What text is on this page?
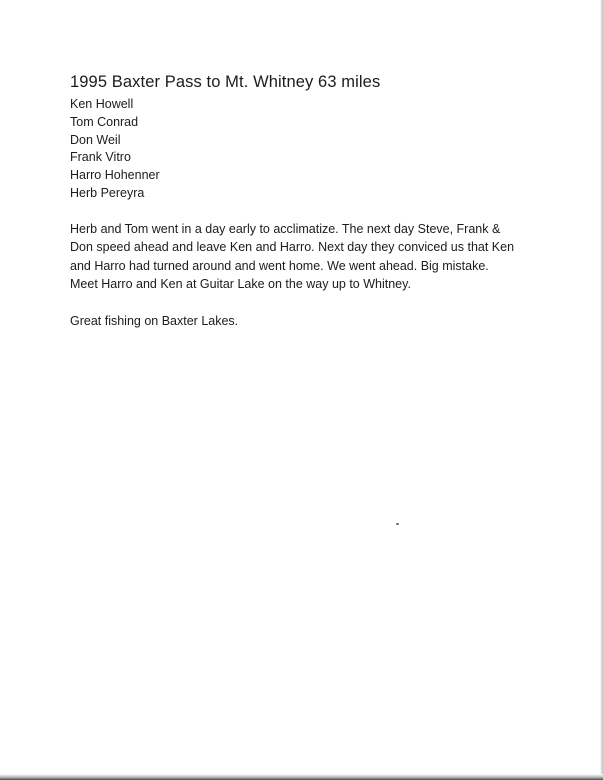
1995 Baxter Pass to Mt. Whitney 63 miles
Ken Howell
Tom Conrad
Don Weil
Frank Vitro
Harro Hohenner
Herb Pereyra
Herb and Tom went in a day early to acclimatize. The next day Steve, Frank &
Don speed ahead and leave Ken and Harro. Next day they conviced us that Ken
and Harro had turned around and went home. We went ahead. Big mistake.
Meet Harro and Ken at Guitar Lake on the way up to Whitney.
Great fishing on Baxter Lakes.
